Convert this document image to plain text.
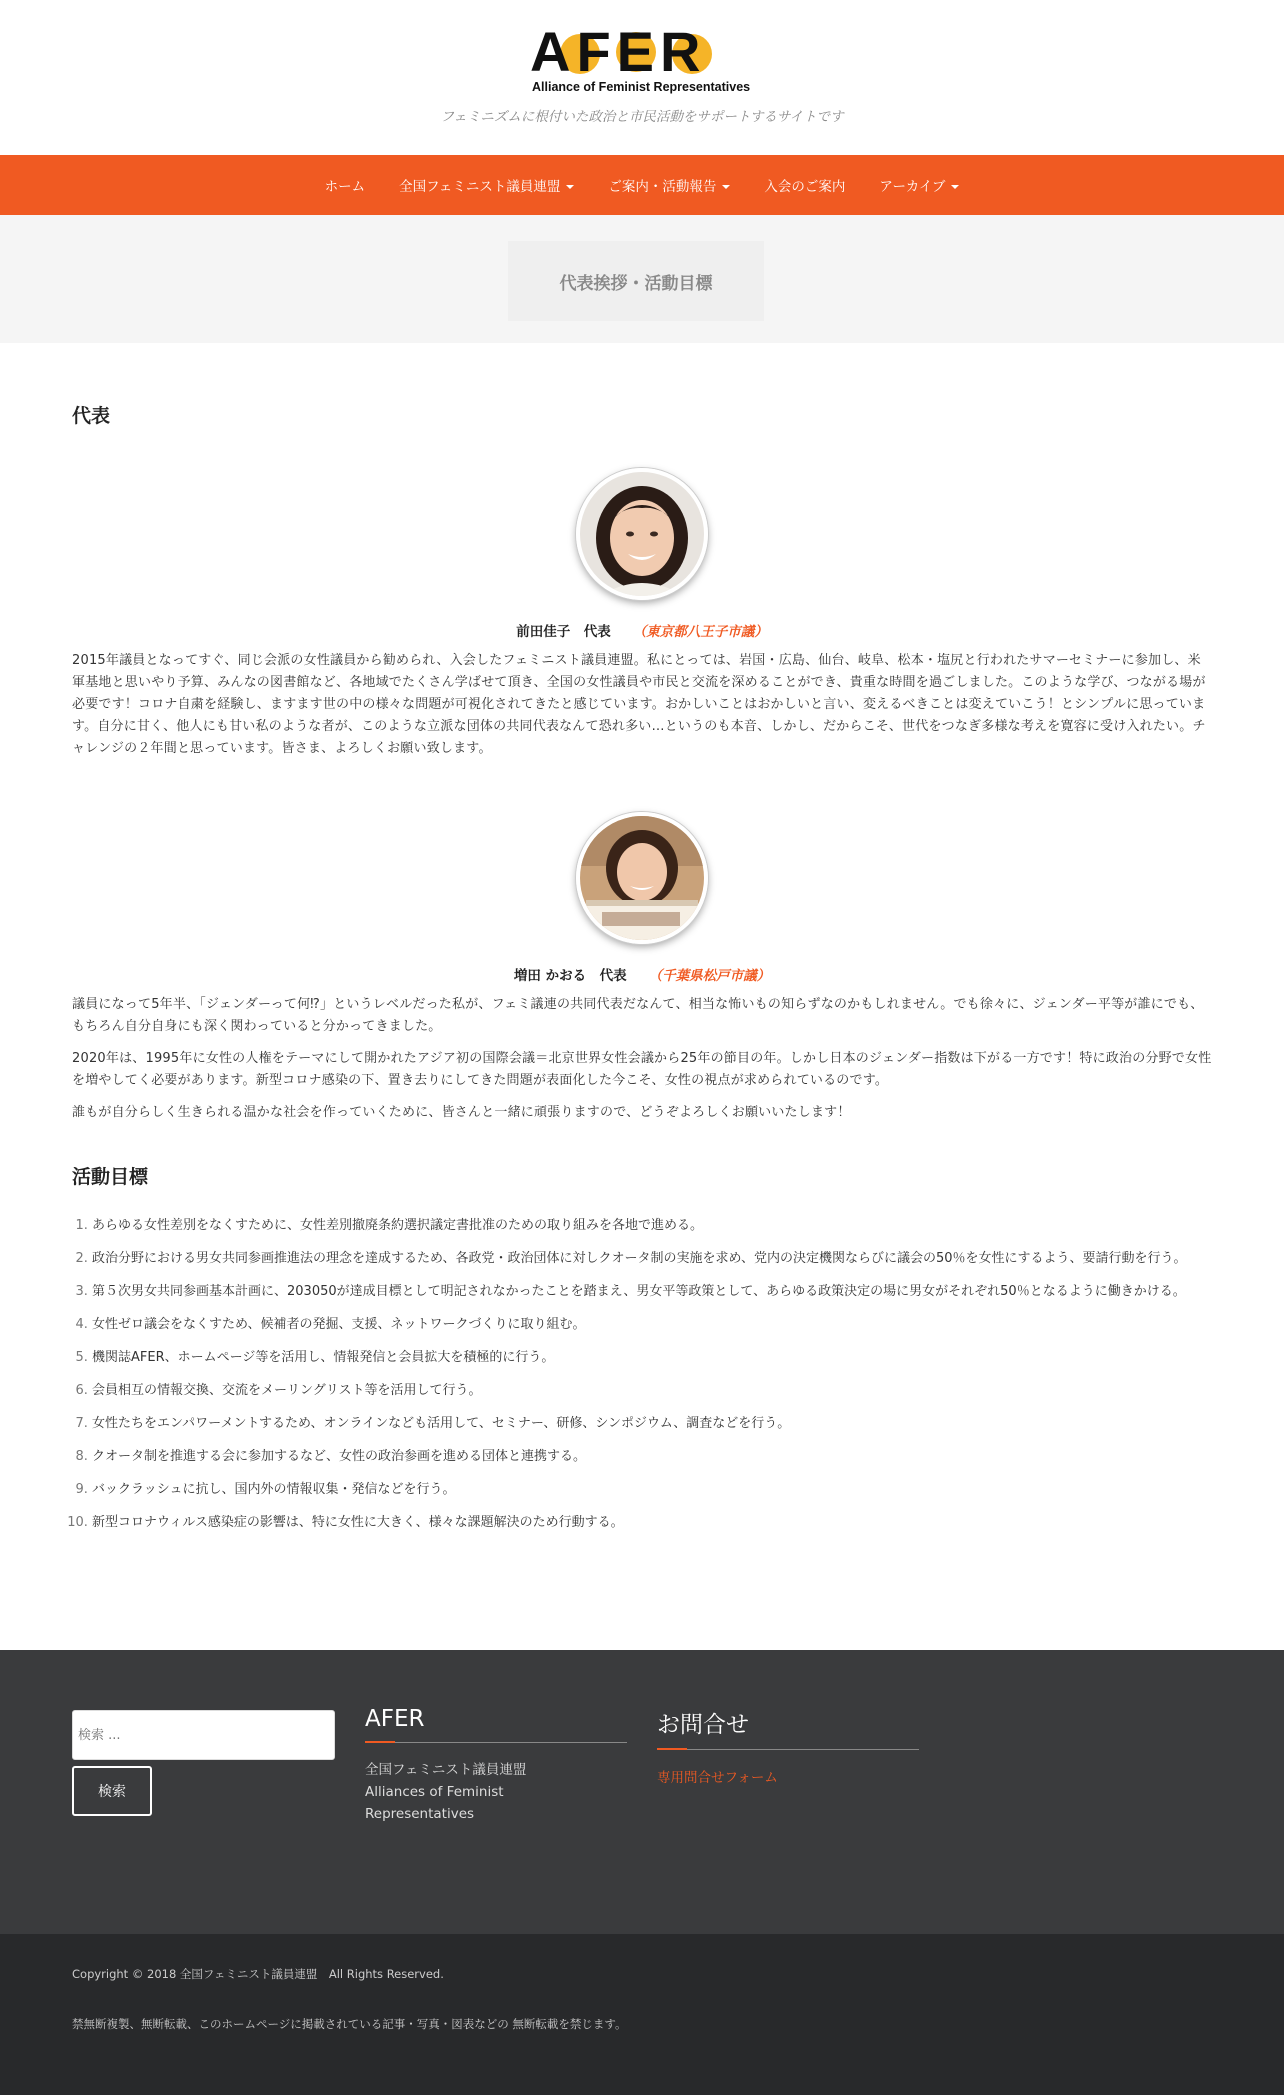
AFER
Alliance of Feminist Representatives
フェミニズムに根付いた政治と市民活動をサポートするサイトです
ホーム	全国フェミニスト議員連盟	ご案内・活動報告	入会のご案内	アーカイブ
代表挨拶・活動目標
代表
前田佳子　代表 （東京都八王子市議）

2015年議員となってすぐ、同じ会派の女性議員から勧められ、入会したフェミニスト議員連盟。私にとっては、岩国・広島、仙台、岐阜、松本・塩尻と行われたサマーセミナーに参加し、米軍基地と思いやり予算、みんなの図書館など、各地域でたくさん学ばせて頂き、全国の女性議員や市民と交流を深めることができ、貴重な時間を過ごしました。このような学び、つながる場が必要です！コロナ自粛を経験し、ますます世の中の様々な問題が可視化されてきたと感じています。おかしいことはおかしいと言い、変えるべきことは変えていこう！とシンプルに思っています。自分に甘く、他人にも甘い私のような者が、このような立派な団体の共同代表なんて恐れ多い…というのも本音、しかし、だからこそ、世代をつなぎ多様な考えを寛容に受け入れたい。チャレンジの２年間と思っています。皆さま、よろしくお願い致します。

増田 かおる　代表 （千葉県松戸市議）

議員になって5年半、「ジェンダーって何⁉」というレベルだった私が、フェミ議連の共同代表だなんて、相当な怖いもの知らずなのかもしれません。でも徐々に、ジェンダー平等が誰にでも、もちろん自分自身にも深く関わっていると分かってきました。

2020年は、1995年に女性の人権をテーマにして開かれたアジア初の国際会議＝北京世界女性会議から25年の節目の年。しかし日本のジェンダー指数は下がる一方です！特に政治の分野で女性を増やしてく必要があります。新型コロナ感染の下、置き去りにしてきた問題が表面化した今こそ、女性の視点が求められているのです。

誰もが自分らしく生きられる温かな社会を作っていくために、皆さんと一緒に頑張りますので、どうぞよろしくお願いいたします！

活動目標
1. あらゆる女性差別をなくすために、女性差別撤廃条約選択議定書批准のための取り組みを各地で進める。
2. 政治分野における男女共同参画推進法の理念を達成するため、各政党・政治団体に対しクオータ制の実施を求め、党内の決定機関ならびに議会の50％を女性にするよう、要請行動を行う。
3. 第５次男女共同参画基本計画に、203050が達成目標として明記されなかったことを踏まえ、男女平等政策として、あらゆる政策決定の場に男女がそれぞれ50％となるように働きかける。
4. 女性ゼロ議会をなくすため、候補者の発掘、支援、ネットワークづくりに取り組む。
5. 機関誌AFER、ホームページ等を活用し、情報発信と会員拡大を積極的に行う。
6. 会員相互の情報交換、交流をメーリングリスト等を活用して行う。
7. 女性たちをエンパワーメントするため、オンラインなども活用して、セミナー、研修、シンポジウム、調査などを行う。
8. クオータ制を推進する会に参加するなど、女性の政治参画を進める団体と連携する。
9. バックラッシュに抗し、国内外の情報収集・発信などを行う。
10. 新型コロナウィルス感染症の影響は、特に女性に大きく、様々な課題解決のため行動する。
検索 ...
検索
AFER
全国フェミニスト議員連盟
Alliances of Feminist
Representatives
お問合せ
専用問合せフォーム
Copyright © 2018 全国フェミニスト議員連盟　All Rights Reserved.
禁無断複製、無断転載、このホームページに掲載されている記事・写真・図表などの 無断転載を禁じます。
